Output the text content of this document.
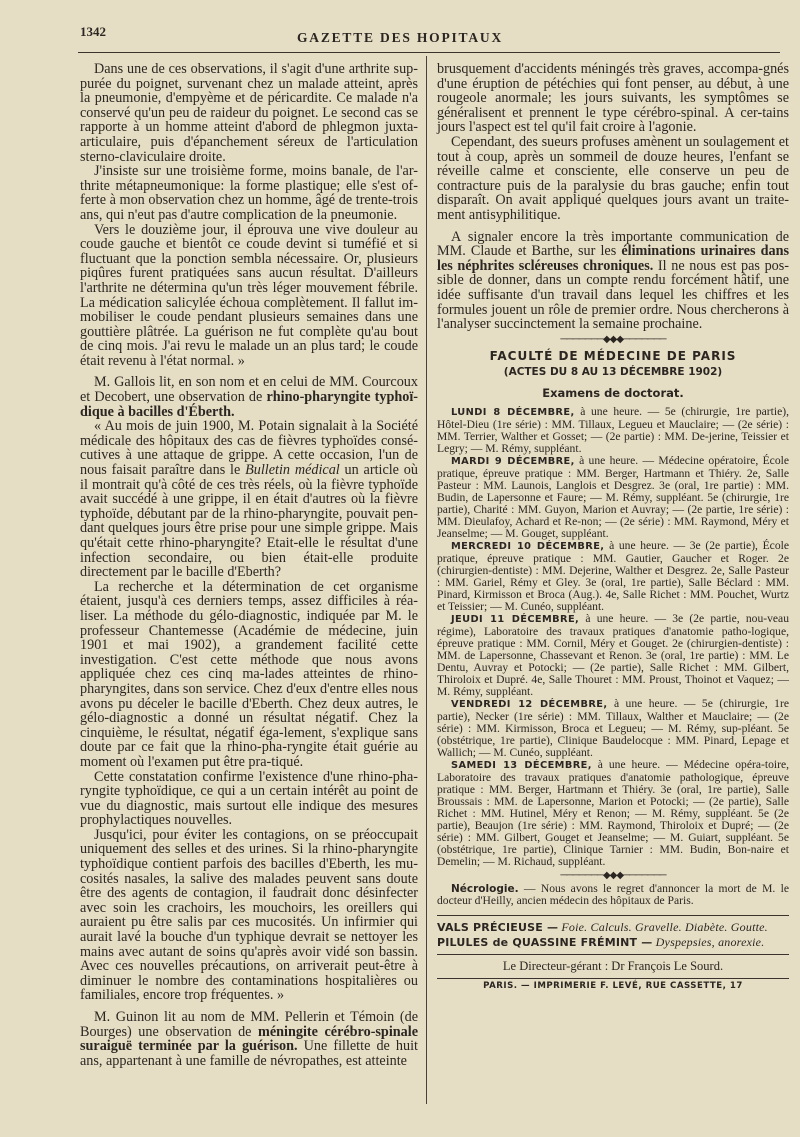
1342	GAZETTE DES HOPITAUX

Dans une de ces observations, il s'agit d'une arthrite sup-purée du poignet, survenant chez un malade atteint, après la pneumonie, d'empyème et de péricardite. Ce malade n'a conservé qu'un peu de raideur du poignet. Le second cas se rapporte à un homme atteint d'abord de phlegmon juxta-articulaire, puis d'épanchement séreux de l'articulation sterno-claviculaire droite.

J'insiste sur une troisième forme, moins banale, de l'ar-thrite métapneumonique: la forme plastique; elle s'est of-ferte à mon observation chez un homme, âgé de trente-trois ans, qui n'eut pas d'autre complication de la pneumonie.

Vers le douzième jour, il éprouva une vive douleur au coude gauche et bientôt ce coude devint si tuméfié et si fluctuant que la ponction sembla nécessaire. Or, plusieurs piqûres furent pratiquées sans aucun résultat. D'ailleurs l'arthrite ne détermina qu'un très léger mouvement fébrile. La médication salicylée échoua complètement. Il fallut im-mobiliser le coude pendant plusieurs semaines dans une gouttière plâtrée. La guérison ne fut complète qu'au bout de cinq mois. J'ai revu le malade un an plus tard; le coude était revenu à l'état normal. »

M. Gallois lit, en son nom et en celui de MM. Courcoux et Decobert, une observation de rhino-pharyngite typhoï-dique à bacilles d'Éberth.

« Au mois de juin 1900, M. Potain signalait à la Société médicale des hôpitaux des cas de fièvres typhoïdes consé-cutives à une attaque de grippe. A cette occasion, l'un de nous faisait paraître dans le Bulletin médical un article où il montrait qu'à côté de ces très réels, où la fièvre typhoïde avait succédé à une grippe, il en était d'autres où la fièvre typhoïde, débutant par de la rhino-pharyngite, pouvait pen-dant quelques jours être prise pour une simple grippe. Mais qu'était cette rhino-pharyngite? Etait-elle le résultat d'une infection secondaire, ou bien était-elle produite directement par le bacille d'Eberth?

La recherche et la détermination de cet organisme étaient, jusqu'à ces derniers temps, assez difficiles à réa-liser. La méthode du gélo-diagnostic, indiquée par M. le professeur Chantemesse (Académie de médecine, juin 1901 et mai 1902), a grandement facilité cette investigation. C'est cette méthode que nous avons appliquée chez ces cinq ma-lades atteintes de rhino-pharyngites, dans son service. Chez d'eux d'entre elles nous avons pu déceler le bacille d'Eberth. Chez deux autres, le gélo-diagnostic a donné un résultat négatif. Chez la cinquième, le résultat, négatif éga-lement, s'explique sans doute par ce fait que la rhino-pha-ryngite était guérie au moment où l'examen put être pra-tiqué.

Cette constatation confirme l'existence d'une rhino-pha-ryngite typhoïdique, ce qui a un certain intérêt au point de vue du diagnostic, mais surtout elle indique des mesures prophylactiques nouvelles.

Jusqu'ici, pour éviter les contagions, on se préoccupait uniquement des selles et des urines. Si la rhino-pharyngite typhoïdique contient parfois des bacilles d'Eberth, les mu-cosités nasales, la salive des malades peuvent sans doute être des agents de contagion, il faudrait donc désinfecter avec soin les crachoirs, les mouchoirs, les oreillers qui auraient pu être salis par ces mucosités. Un infirmier qui aurait lavé la bouche d'un typhique devrait se nettoyer les mains avec autant de soins qu'après avoir vidé son bassin. Avec ces nouvelles précautions, on arriverait peut-être à diminuer le nombre des contaminations hospitalières ou familiales, encore trop fréquentes. »

M. Guinon lit au nom de MM. Pellerin et Témoin (de Bourges) une observation de méningite cérébro-spinale suraiguë terminée par la guérison. Une fillette de huit ans, appartenant à une famille de névropathes, est atteinte

brusquement d'accidents méningés très graves, accompa-gnés d'une éruption de pétéchies qui font penser, au début, à une rougeole anormale; les jours suivants, les symptômes se généralisent et prennent le type cérébro-spinal. A cer-tains jours l'aspect est tel qu'il fait croire à l'agonie.

Cependant, des sueurs profuses amènent un soulagement et tout à coup, après un sommeil de douze heures, l'enfant se réveille calme et consciente, elle conserve un peu de contracture puis de la paralysie du bras gauche; enfin tout disparaît. On avait appliqué quelques jours avant un traite-ment antisyphilitique.

A signaler encore la très importante communication de MM. Claude et Barthe, sur les éliminations urinaires dans les néphrites scléreuses chroniques. Il ne nous est pas pos-sible de donner, dans un compte rendu forcément hâtif, une idée suffisante d'un travail dans lequel les chiffres et les formules jouent un rôle de premier ordre. Nous chercherons à l'analyser succinctement la semaine prochaine.

───────◆◆◆───────
FACULTÉ DE MÉDECINE DE PARIS
(ACTES DU 8 AU 13 DÉCEMBRE 1902)
Examens de doctorat.

LUNDI 8 DÉCEMBRE, à une heure. — 5e (chirurgie, 1re partie), Hôtel-Dieu (1re série) : MM. Tillaux, Legueu et Mauclaire; — (2e série) : MM. Terrier, Walther et Gosset; — (2e partie) : MM. De-jerine, Teissier et Legry; — M. Rémy, suppléant.

MARDI 9 DÉCEMBRE, à une heure. — Médecine opératoire, École pratique, épreuve pratique : MM. Berger, Hartmann et Thiéry. 2e, Salle Pasteur : MM. Launois, Langlois et Desgrez. 3e (oral, 1re partie) : MM. Budin, de Lapersonne et Faure; — M. Rémy, suppléant. 5e (chirurgie, 1re partie), Charité : MM. Guyon, Marion et Auvray; — (2e partie, 1re série) : MM. Dieulafoy, Achard et Re-non; — (2e série) : MM. Raymond, Méry et Jeanselme; — M. Gouget, suppléant.

MERCREDI 10 DÉCEMBRE, à une heure. — 3e (2e partie), École pratique, épreuve pratique : MM. Gautier, Gaucher et Roger. 2e (chirurgien-dentiste) : MM. Dejerine, Walther et Desgrez. 2e, Salle Pasteur : MM. Gariel, Rémy et Gley. 3e (oral, 1re partie), Salle Béclard : MM. Pinard, Kirmisson et Broca (Aug.). 4e, Salle Richet : MM. Pouchet, Wurtz et Teissier; — M. Cunéo, suppléant.

JEUDI 11 DÉCEMBRE, à une heure. — 3e (2e partie, nou-veau régime), Laboratoire des travaux pratiques d'anatomie patho-logique, épreuve pratique : MM. Cornil, Méry et Gouget. 2e (chirurgien-dentiste) : MM. de Lapersonne, Chassevant et Renon. 3e (oral, 1re partie) : MM. Le Dentu, Auvray et Potocki; — (2e partie), Salle Richet : MM. Gilbert, Thiroloix et Dupré. 4e, Salle Thouret : MM. Proust, Thoinot et Vaquez; — M. Rémy, suppléant.

VENDREDI 12 DÉCEMBRE, à une heure. — 5e (chirurgie, 1re partie), Necker (1re série) : MM. Tillaux, Walther et Mauclaire; — (2e série) : MM. Kirmisson, Broca et Legueu; — M. Rémy, sup-pléant. 5e (obstétrique, 1re partie), Clinique Baudelocque : MM. Pinard, Lepage et Wallich; — M. Cunéo, suppléant.

SAMEDI 13 DÉCEMBRE, à une heure. — Médecine opéra-toire, Laboratoire des travaux pratiques d'anatomie pathologique, épreuve pratique : MM. Berger, Hartmann et Thiéry. 3e (oral, 1re partie), Salle Broussais : MM. de Lapersonne, Marion et Potocki; — (2e partie), Salle Richet : MM. Hutinel, Méry et Renon; — M. Rémy, suppléant. 5e (2e partie), Beaujon (1re série) : MM. Raymond, Thiroloix et Dupré; — (2e série) : MM. Gilbert, Gouget et Jeanselme; — M. Guiart, suppléant. 5e (obstétrique, 1re partie), Clinique Tarnier : MM. Budin, Bon-naire et Demelin; — M. Richaud, suppléant.

───────◆◆◆───────

Nécrologie. — Nous avons le regret d'annoncer la mort de M. le docteur d'Heilly, ancien médecin des hôpitaux de Paris.

VALS PRÉCIEUSE — Foie. Calculs. Gravelle. Diabète. Goutte.

PILULES de QUASSINE FRÉMINT — Dyspepsies, anorexie.

Le Directeur-gérant : Dr François Le Sourd.
PARIS. — IMPRIMERIE F. LEVÉ, RUE CASSETTE, 17
